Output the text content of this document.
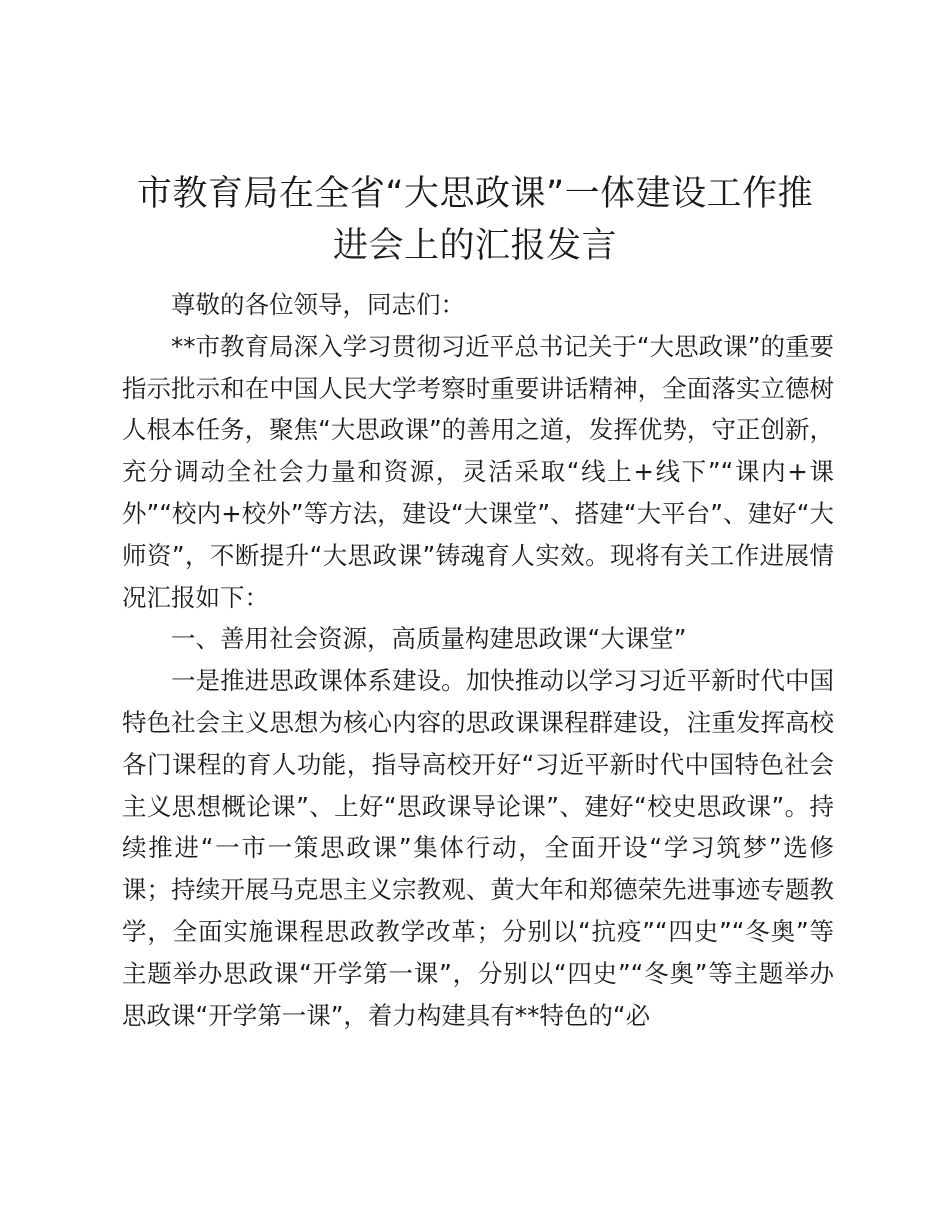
市教育局在全省“大思政课”一体建设工作推进会上的汇报发言

尊敬的各位领导，同志们：

**市教育局深入学习贯彻习近平总书记关于“大思政课”的重要指示批示和在中国人民大学考察时重要讲话精神，全面落实立德树人根本任务，聚焦“大思政课”的善用之道，发挥优势，守正创新，充分调动全社会力量和资源，灵活采取“线上+线下”“课内+课外”“校内+校外”等方法，建设“大课堂”、搭建“大平台”、建好“大师资”，不断提升“大思政课”铸魂育人实效。现将有关工作进展情况汇报如下：

一、善用社会资源，高质量构建思政课“大课堂”

一是推进思政课体系建设。加快推动以学习习近平新时代中国特色社会主义思想为核心内容的思政课课程群建设，注重发挥高校各门课程的育人功能，指导高校开好“习近平新时代中国特色社会主义思想概论课”、上好“思政课导论课”、建好“校史思政课”。持续推进“一市一策思政课”集体行动，全面开设“学习筑梦”选修课；持续开展马克思主义宗教观、黄大年和郑德荣先进事迹专题教学，全面实施课程思政教学改革；分别以“抗疫”“四史”“冬奥”等主题举办思政课“开学第一课”，分别以“四史”“冬奥”等主题举办思政课“开学第一课”，着力构建具有**特色的“必
